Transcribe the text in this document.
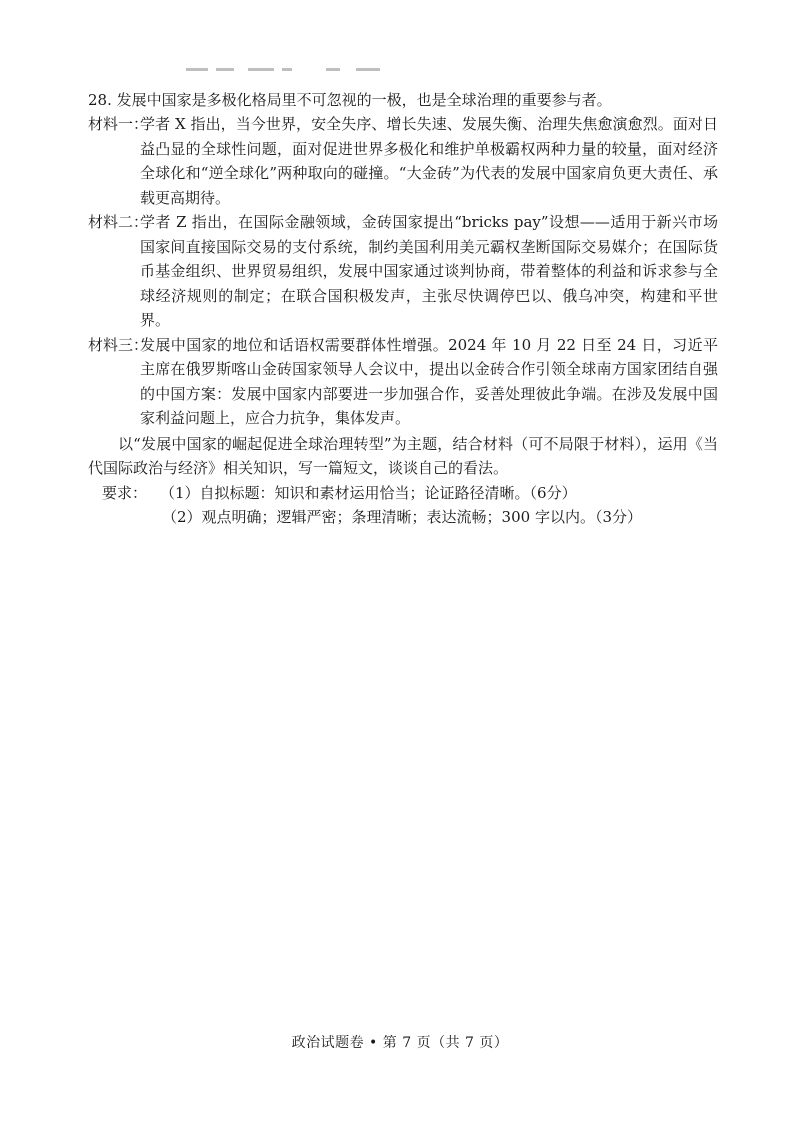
28. 发展中国家是多极化格局里不可忽视的一极，也是全球治理的重要参与者。
材料一：
学者 X 指出，当今世界，安全失序、增长失速、发展失衡、治理失焦愈演愈烈。面对日益凸显的全球性问题，面对促进世界多极化和维护单极霸权两种力量的较量，面对经济全球化和“逆全球化”两种取向的碰撞。“大金砖”为代表的发展中国家肩负更大责任、承载更高期待。
材料二：
学者 Z 指出，在国际金融领域，金砖国家提出“bricks pay”设想——适用于新兴市场国家间直接国际交易的支付系统，制约美国利用美元霸权垄断国际交易媒介；在国际货币基金组织、世界贸易组织，发展中国家通过谈判协商，带着整体的利益和诉求参与全球经济规则的制定；在联合国积极发声，主张尽快调停巴以、俄乌冲突，构建和平世界。
材料三：
发展中国家的地位和话语权需要群体性增强。2024 年 10 月 22 日至 24 日，习近平主席在俄罗斯喀山金砖国家领导人会议中，提出以金砖合作引领全球南方国家团结自强的中国方案：发展中国家内部要进一步加强合作，妥善处理彼此争端。在涉及发展中国家利益问题上，应合力抗争，集体发声。
以“发展中国家的崛起促进全球治理转型”为主题，结合材料（可不局限于材料），运用《当代国际政治与经济》相关知识，写一篇短文，谈谈自己的看法。
要求： （1）自拟标题：知识和素材运用恰当；论证路径清晰。（6分）
（2）观点明确；逻辑严密；条理清晰；表达流畅；300 字以内。（3分）
政治试题卷 • 第 7 页（共 7 页）
